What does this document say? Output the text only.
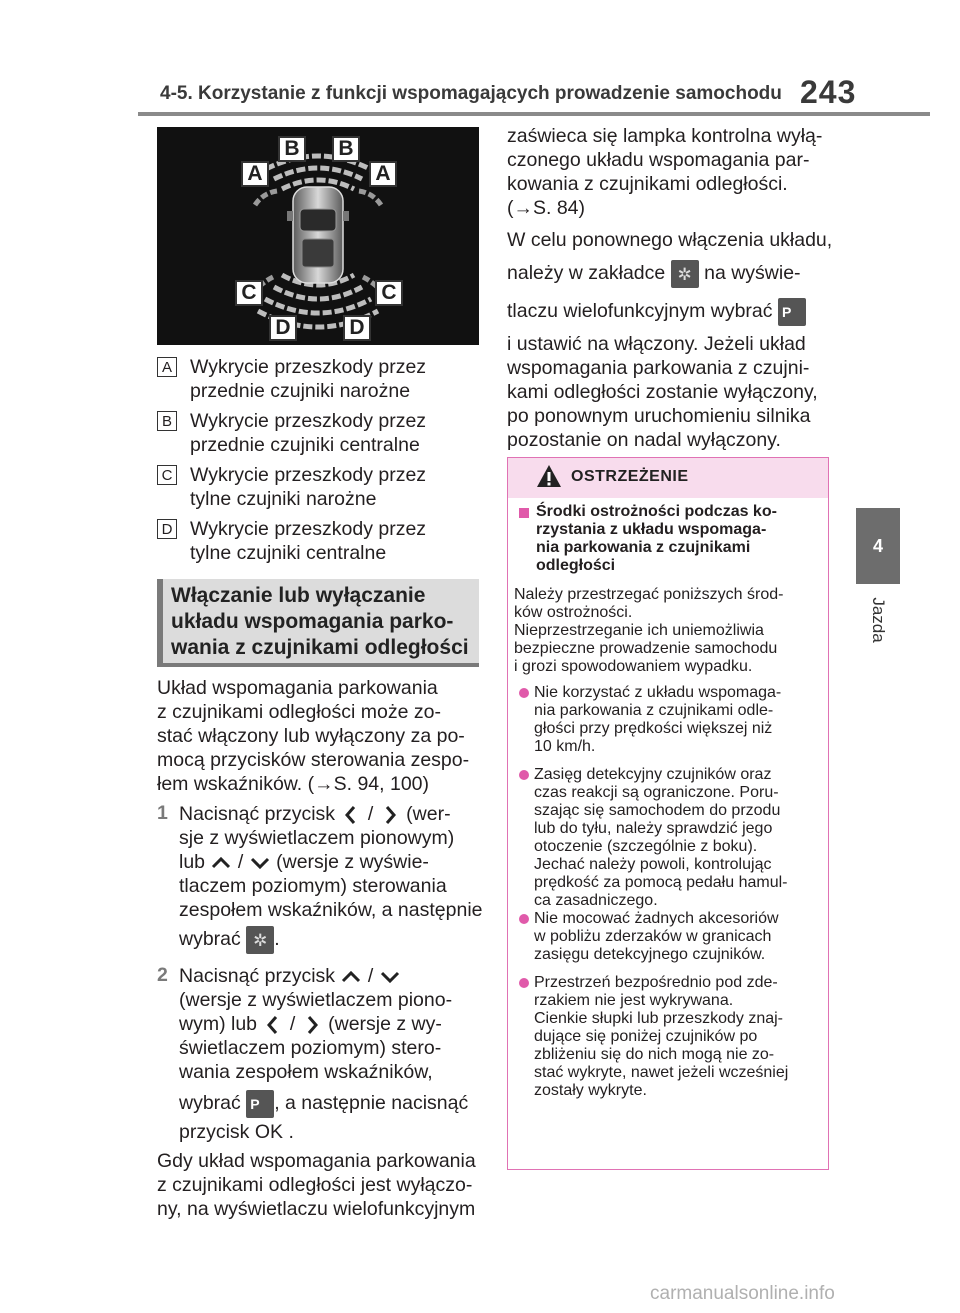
4-5. Korzystanie z funkcji wspomagających prowadzenie samochodu 243
4
Jazda
A
B	B
A
C	C
D	D
A Wykrycie przeszkody przez
przednie czujniki narożne
B Wykrycie przeszkody przez
przednie czujniki centralne
C Wykrycie przeszkody przez
tylne czujniki narożne
D Wykrycie przeszkody przez
tylne czujniki centralne
Włączanie lub wyłączanie
układu wspomagania parko-
wania z czujnikami odległości
Układ wspomagania parkowania
z czujnikami odległości może zo-
stać włączony lub wyłączony za po-
mocą przycisków sterowania zespo-
łem wskaźników. (→S. 94, 100)
1 Nacisnąć przycisk / (wer-
sje z wyświetlaczem pionowym)
lub / (wersje z wyświe-
tlaczem poziomym) sterowania
zespołem wskaźników, a następnie
wybrać ✲ .
2 Nacisnąć przycisk /
(wersje z wyświetlaczem piono-
wym) lub / (wersje z wy-
świetlaczem poziomym) stero-
wania zespołem wskaźników,
wybrać P , a następnie nacisnąć
przycisk OK .
Gdy układ wspomagania parkowania
z czujnikami odległości jest wyłączo-
ny, na wyświetlaczu wielofunkcyjnym
zaświeca się lampka kontrolna wyłą-
czonego układu wspomagania par-
kowania z czujnikami odległości.
(→S. 84)
W celu ponownego włączenia układu,
należy w zakładce ✲ na wyświe-
tlaczu wielofunkcyjnym wybrać P
i ustawić na włączony. Jeżeli układ
wspomagania parkowania z czujni-
kami odległości zostanie wyłączony,
po ponownym uruchomieniu silnika
pozostanie on nadal wyłączony.
OSTRZEŻENIE
Środki ostrożności podczas ko-
rzystania z układu wspomaga-
nia parkowania z czujnikami
odległości
Należy przestrzegać poniższych środ-
ków ostrożności.
Nieprzestrzeganie ich uniemożliwia
bezpieczne prowadzenie samochodu
i grozi spowodowaniem wypadku.
Nie korzystać z układu wspomaga-
nia parkowania z czujnikami odle-
głości przy prędkości większej niż
10 km/h.
Zasięg detekcyjny czujników oraz
czas reakcji są ograniczone. Poru-
szając się samochodem do przodu
lub do tyłu, należy sprawdzić jego
otoczenie (szczególnie z boku).
Jechać należy powoli, kontrolując
prędkość za pomocą pedału hamul-
ca zasadniczego.
Nie mocować żadnych akcesoriów
w pobliżu zderzaków w granicach
zasięgu detekcyjnego czujników.
Przestrzeń bezpośrednio pod zde-
rzakiem nie jest wykrywana.
Cienkie słupki lub przeszkody znaj-
dujące się poniżej czujników po
zbliżeniu się do nich mogą nie zo-
stać wykryte, nawet jeżeli wcześniej
zostały wykryte.
carmanualsonline.info
